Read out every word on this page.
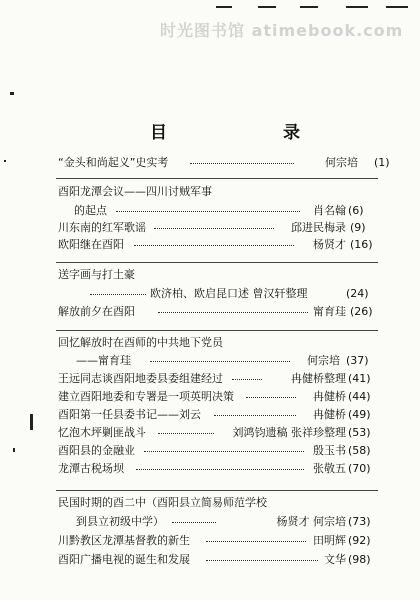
时光图书馆 atimebook.com
目	录
“金头和尚起义”史实考	何宗培 (1)
酉阳龙潭会议——四川讨贼军事
的起点	肖名翰 (6)
川东南的红军歌谣	邱进民梅录 (9)
欧阳继在酉阳	杨贤才 (16)
送字画与打土豪
欧济柏、欧启昆口述 曾汉轩整理	(24)
解放前夕在酉阳	甯育珪 (26)
回忆解放时在酉师的中共地下党员
——甯育珪	何宗培 (37)
王远同志谈酉阳地委县委组建经过	冉健桥整理 (41)
建立酉阳地委和专署是一项英明决策	冉健桥 (44)
酉阳第一任县委书记——刘云	冉健桥 (49)
忆泡木坪剿匪战斗	刘鸿钧遗稿 张祥珍整理 (53)
酉阳县的金融业	殷玉书 (58)
龙潭古税场坝	张敬五 (70)
民国时期的酉二中（酉阳县立简易师范学校
到县立初级中学）	杨贤才 何宗培 (73)
川黔教区龙潭基督教的新生	田明辉 (92)
酉阳广播电视的诞生和发展	文华 (98)
